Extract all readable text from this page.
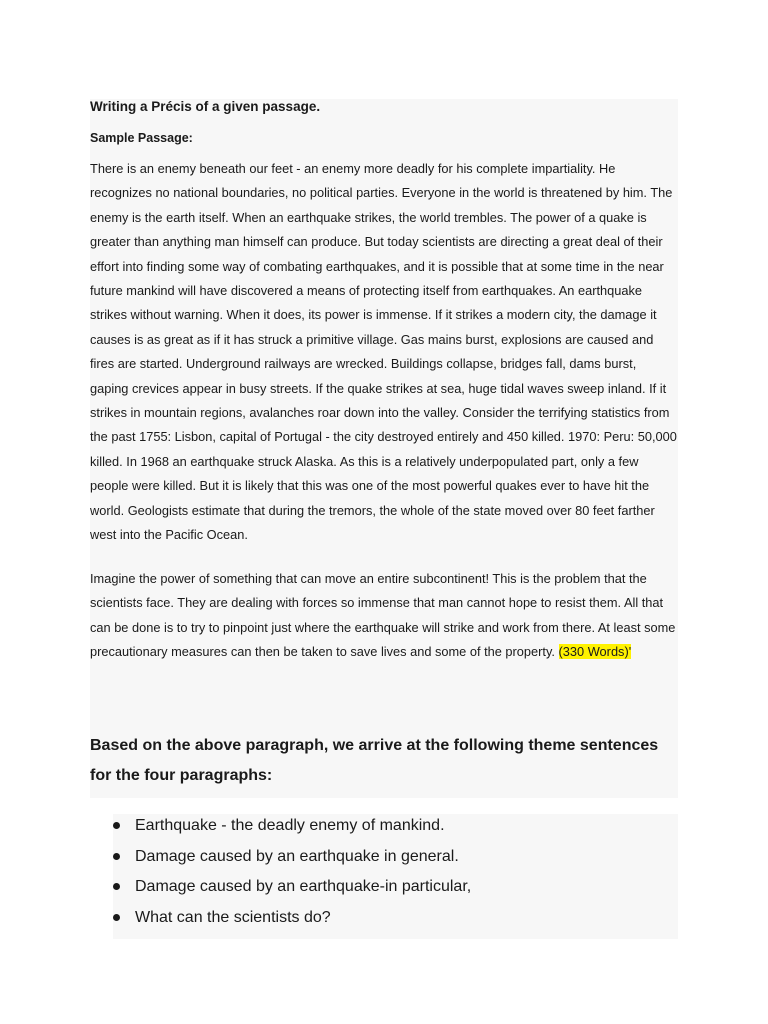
Writing a Précis of a given passage.

Sample Passage:

There is an enemy beneath our feet - an enemy more deadly for his complete impartiality. He recognizes no national boundaries, no political parties. Everyone in the world is threatened by him. The enemy is the earth itself. When an earthquake strikes, the world trembles. The power of a quake is greater than anything man himself can produce. But today scientists are directing a great deal of their effort into finding some way of combating earthquakes, and it is possible that at some time in the near future mankind will have discovered a means of protecting itself from earthquakes. An earthquake strikes without warning. When it does, its power is immense. If it strikes a modern city, the damage it causes is as great as if it has struck a primitive village. Gas mains burst, explosions are caused and fires are started. Underground railways are wrecked. Buildings collapse, bridges fall, dams burst, gaping crevices appear in busy streets. If the quake strikes at sea, huge tidal waves sweep inland. If it strikes in mountain regions, avalanches roar down into the valley. Consider the terrifying statistics from the past 1755: Lisbon, capital of Portugal - the city destroyed entirely and 450 killed. 1970: Peru: 50,000 killed. In 1968 an earthquake struck Alaska. As this is a relatively underpopulated part, only a few people were killed. But it is likely that this was one of the most powerful quakes ever to have hit the world. Geologists estimate that during the tremors, the whole of the state moved over 80 feet farther west into the Pacific Ocean.

Imagine the power of something that can move an entire subcontinent! This is the problem that the scientists face. They are dealing with forces so immense that man cannot hope to resist them. All that can be done is to try to pinpoint just where the earthquake will strike and work from there. At least some precautionary measures can then be taken to save lives and some of the property. (330 Words)'

Based on the above paragraph, we arrive at the following theme sentences for the four paragraphs:

Earthquake - the deadly enemy of mankind.
Damage caused by an earthquake in general.
Damage caused by an earthquake-in particular,
What can the scientists do?
